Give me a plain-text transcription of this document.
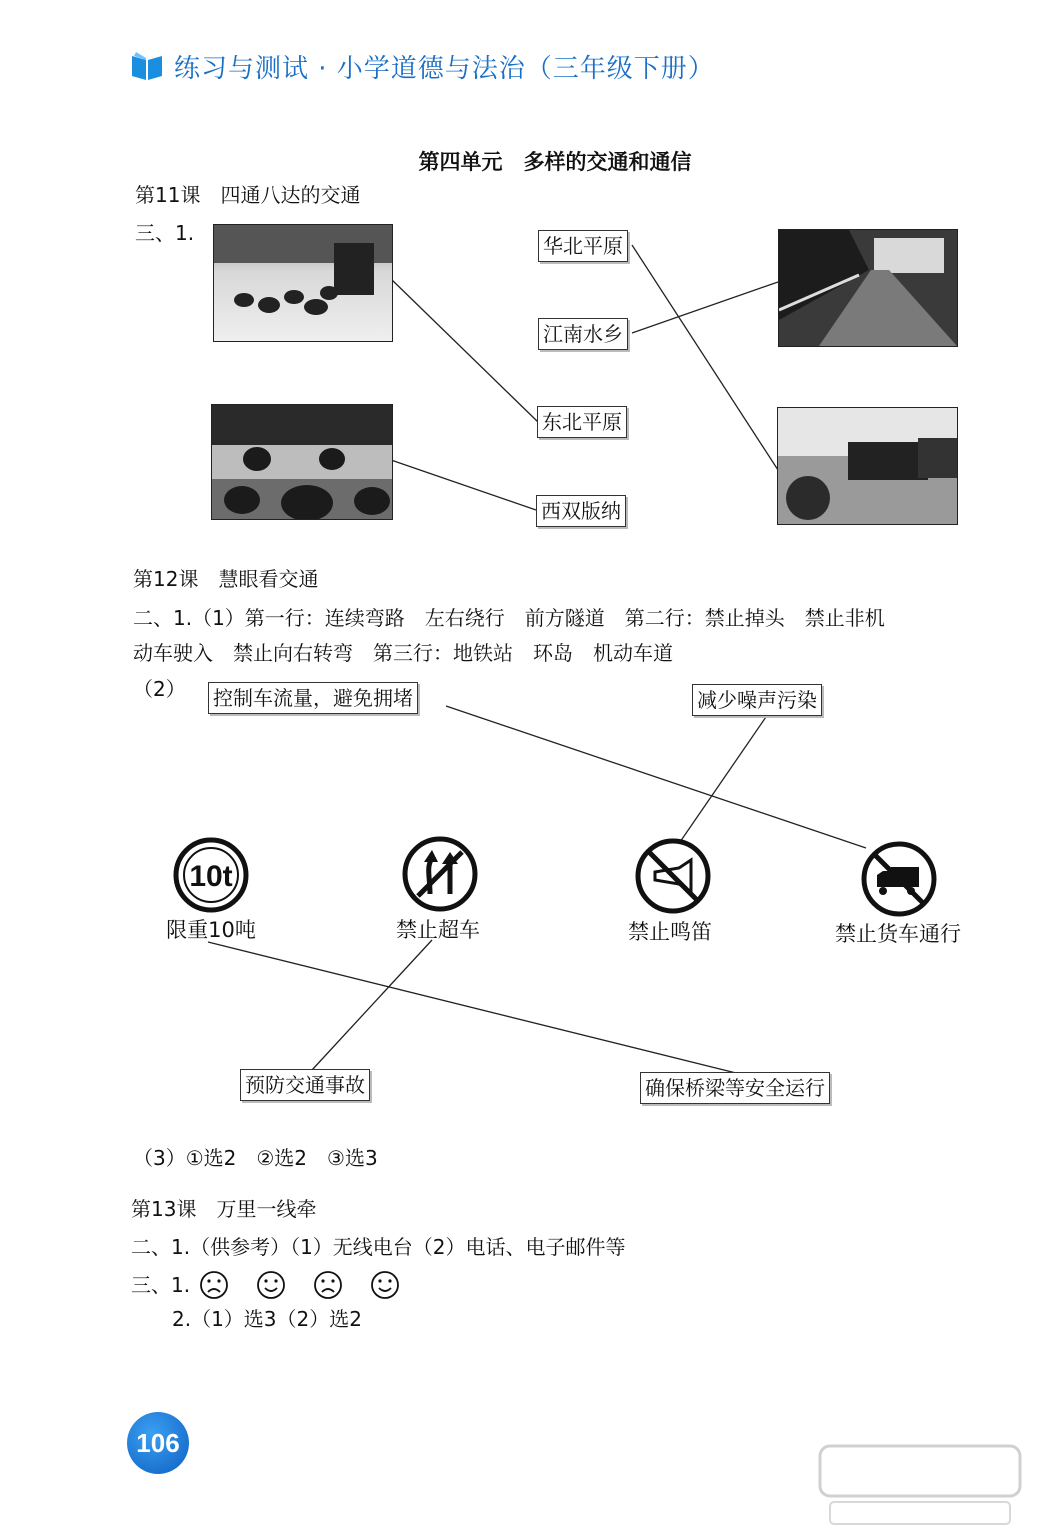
练习与测试 · 小学道德与法治（三年级下册）
第四单元　多样的交通和通信
第11课　四通八达的交通
三、1.
华北平原
江南水乡
东北平原
西双版纳
第12课　慧眼看交通
二、1.（1）第一行：连续弯路　左右绕行　前方隧道　第二行：禁止掉头　禁止非机
动车驶入　禁止向右转弯　第三行：地铁站　环岛　机动车道
（2） 控制车流量，避免拥堵	减少噪声污染
10t
限重10吨	禁止超车	禁止鸣笛	禁止货车通行
预防交通事故	确保桥梁等安全运行
（3）①选2　②选2　③选3
第13课　万里一线牵
二、1.（供参考）（1）无线电台（2）电话、电子邮件等
三、1.
2.（1）选3（2）选2
106
